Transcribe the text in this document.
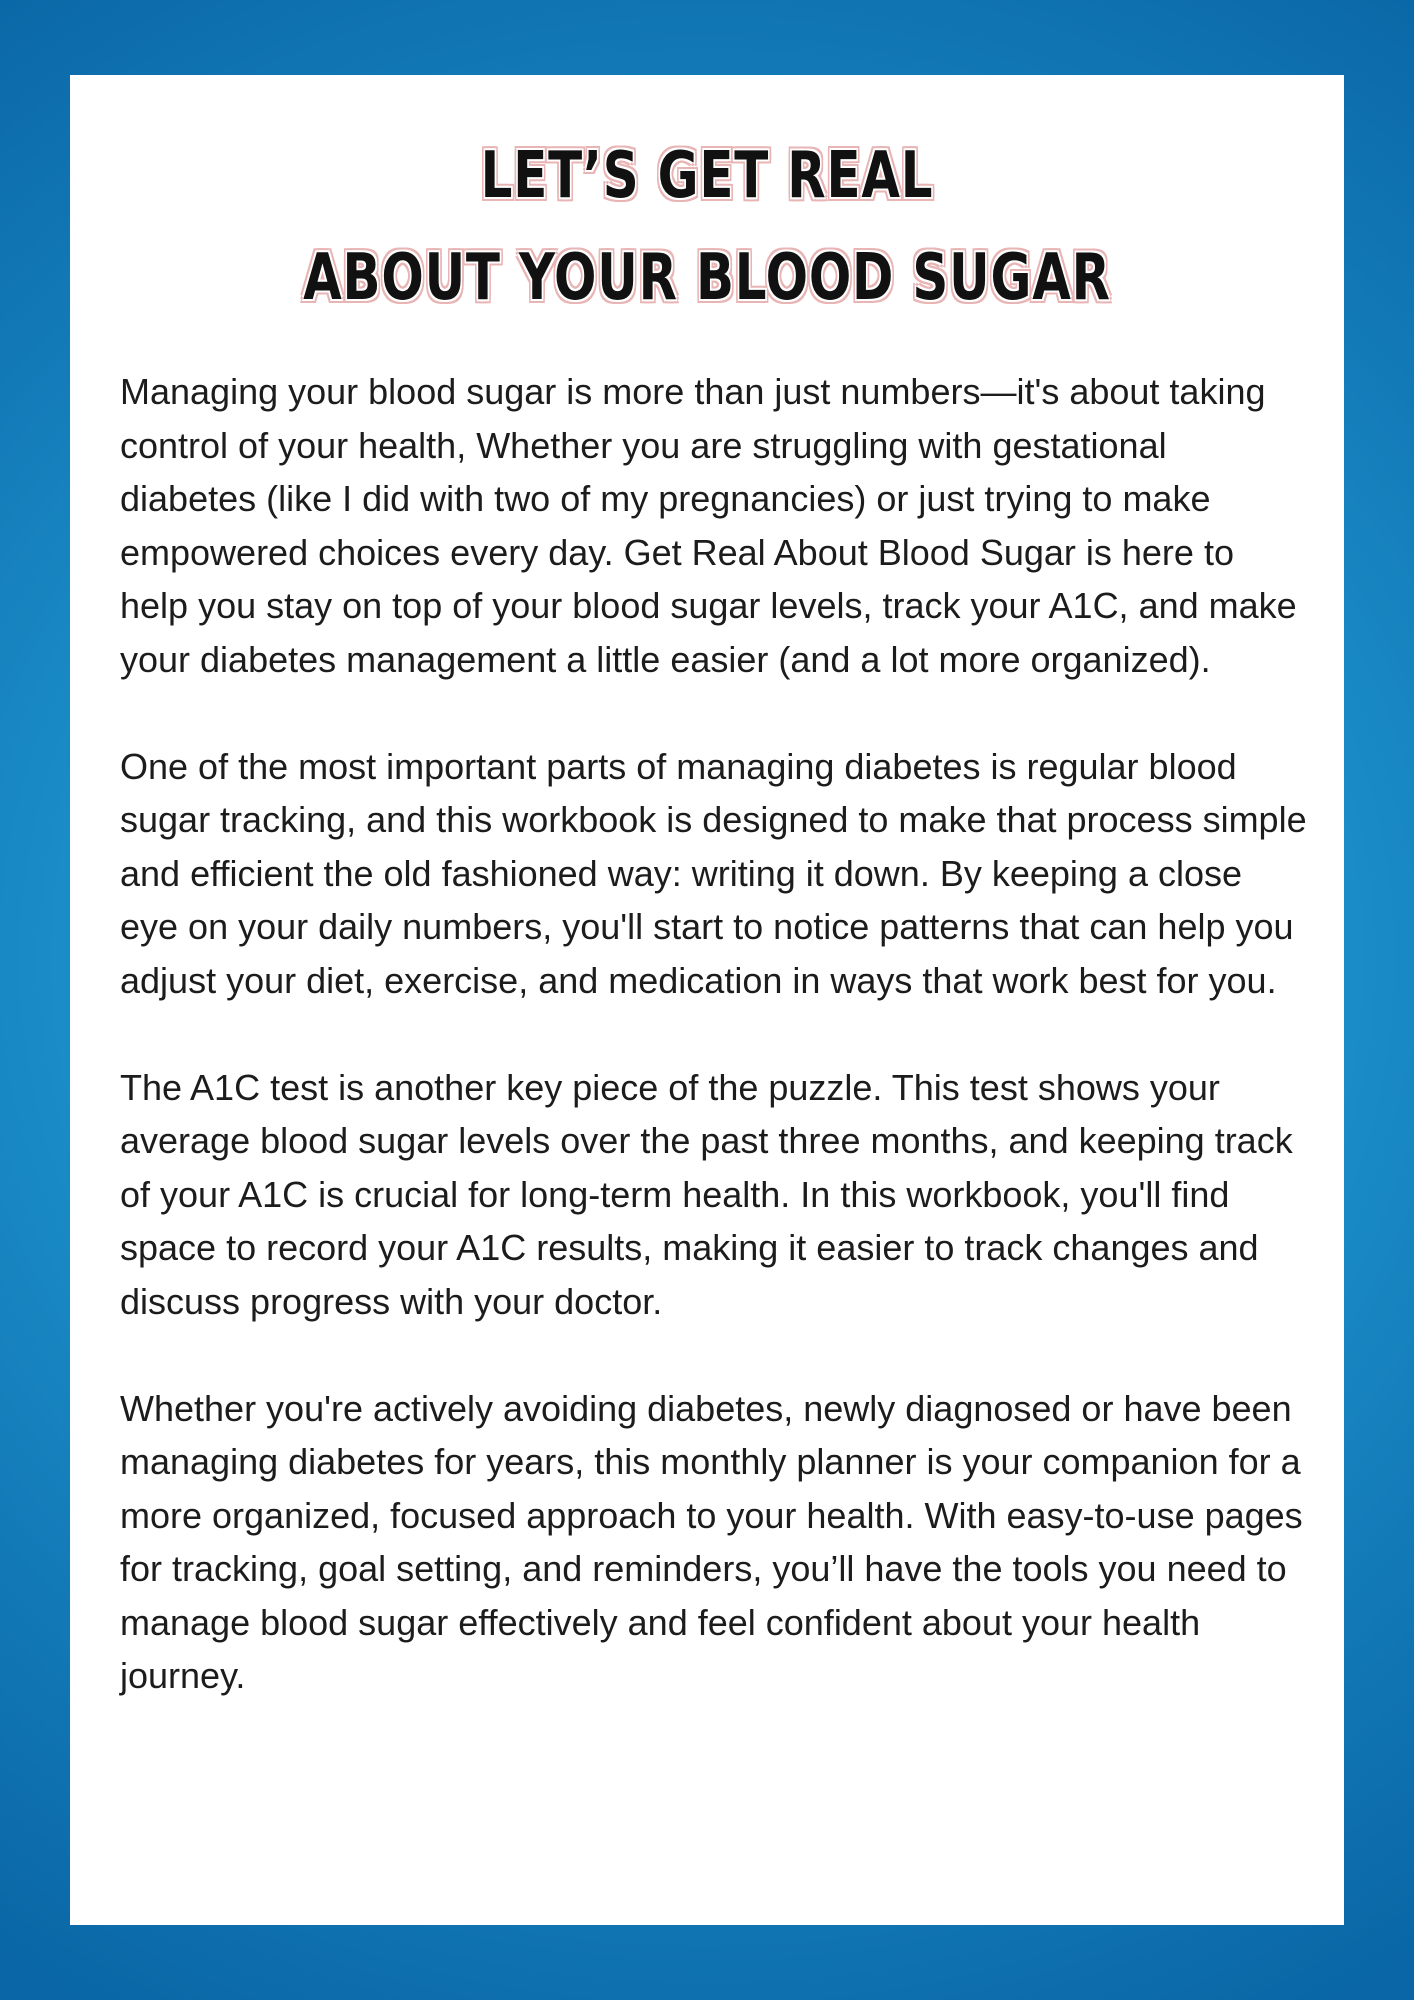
LET’S GET REAL
ABOUT YOUR BLOOD SUGAR

Managing your blood sugar is more than just numbers—it's about taking control of your health, Whether you are struggling with gestational diabetes (like I did with two of my pregnancies) or just trying to make empowered choices every day. Get Real About Blood Sugar is here to help you stay on top of your blood sugar levels, track your A1C, and make your diabetes management a little easier (and a lot more organized).

One of the most important parts of managing diabetes is regular blood sugar tracking, and this workbook is designed to make that process simple and efficient the old fashioned way: writing it down. By keeping a close eye on your daily numbers, you'll start to notice patterns that can help you adjust your diet, exercise, and medication in ways that work best for you.

The A1C test is another key piece of the puzzle. This test shows your average blood sugar levels over the past three months, and keeping track of your A1C is crucial for long-term health. In this workbook, you'll find space to record your A1C results, making it easier to track changes and discuss progress with your doctor.

Whether you're actively avoiding diabetes, newly diagnosed or have been managing diabetes for years, this monthly planner is your companion for a more organized, focused approach to your health. With easy-to-use pages for tracking, goal setting, and reminders, you’ll have the tools you need to manage blood sugar effectively and feel confident about your health journey.
